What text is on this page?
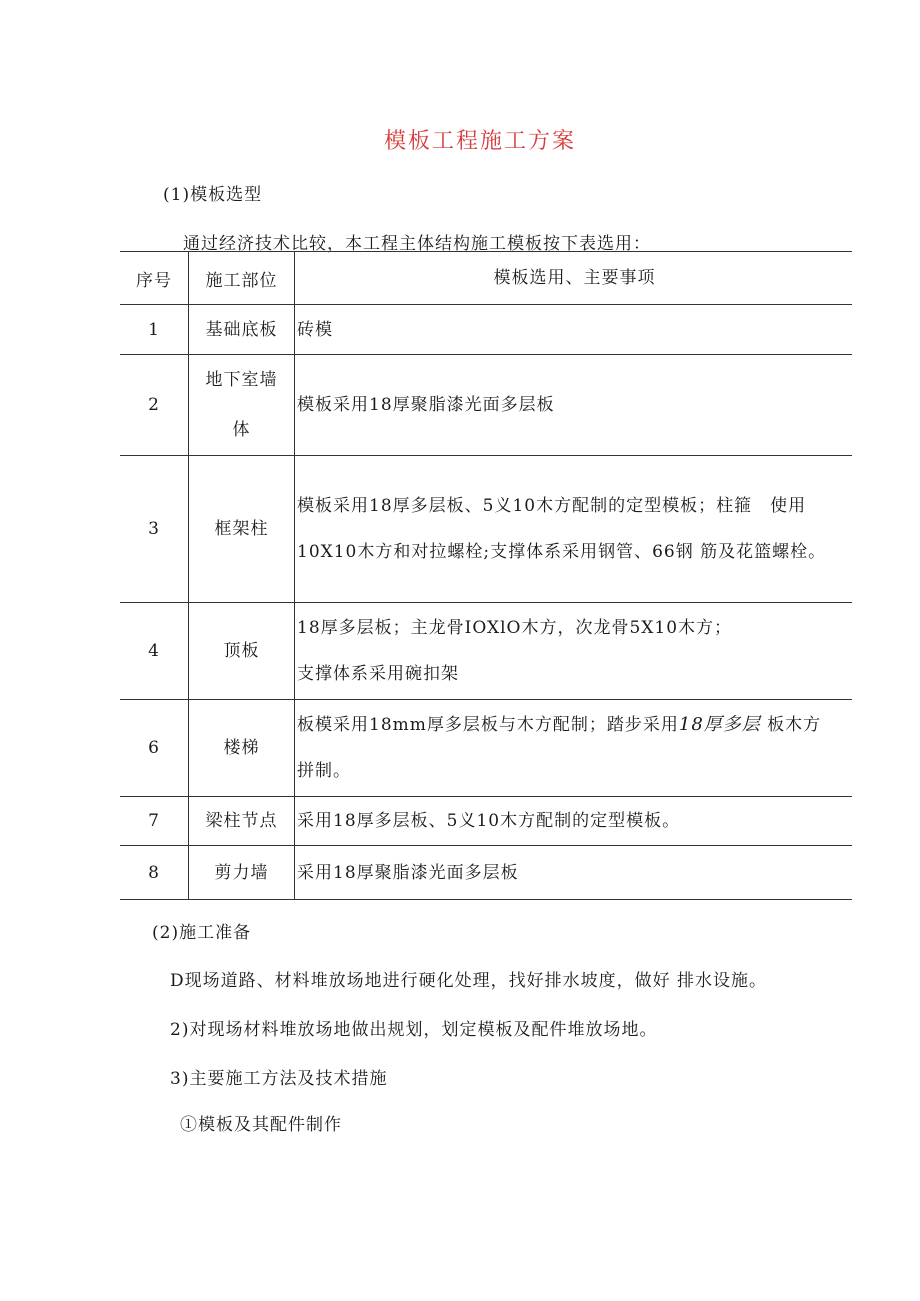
模板工程施工方案
(1)模板选型
通过经济技术比较，本工程主体结构施工模板按下表选用：
序号	施工部位	模板选用、主要事项
1	基础底板	砖模

2	地下室墙体	模板采用18厚聚脂漆光面多层板

3	框架柱	模板采用18厚多层板、5义10木方配制的定型模板；柱箍　使用
10X10木方和对拉螺栓;支撑体系采用钢管、66钢 筋及花篮螺栓。

4	顶板	18厚多层板；主龙骨IOXlO木方，次龙骨5X10木方；
支撑体系采用碗扣架

6	楼梯	板模采用18mm厚多层板与木方配制；踏步采用18厚多层 板木方
拼制。

7	梁柱节点	采用18厚多层板、5义10木方配制的定型模板。

8	剪力墙	采用18厚聚脂漆光面多层板
(2)施工准备
D现场道路、材料堆放场地进行硬化处理，找好排水坡度，做好 排水设施。
2)对现场材料堆放场地做出规划，划定模板及配件堆放场地。
3)主要施工方法及技术措施
①模板及其配件制作
